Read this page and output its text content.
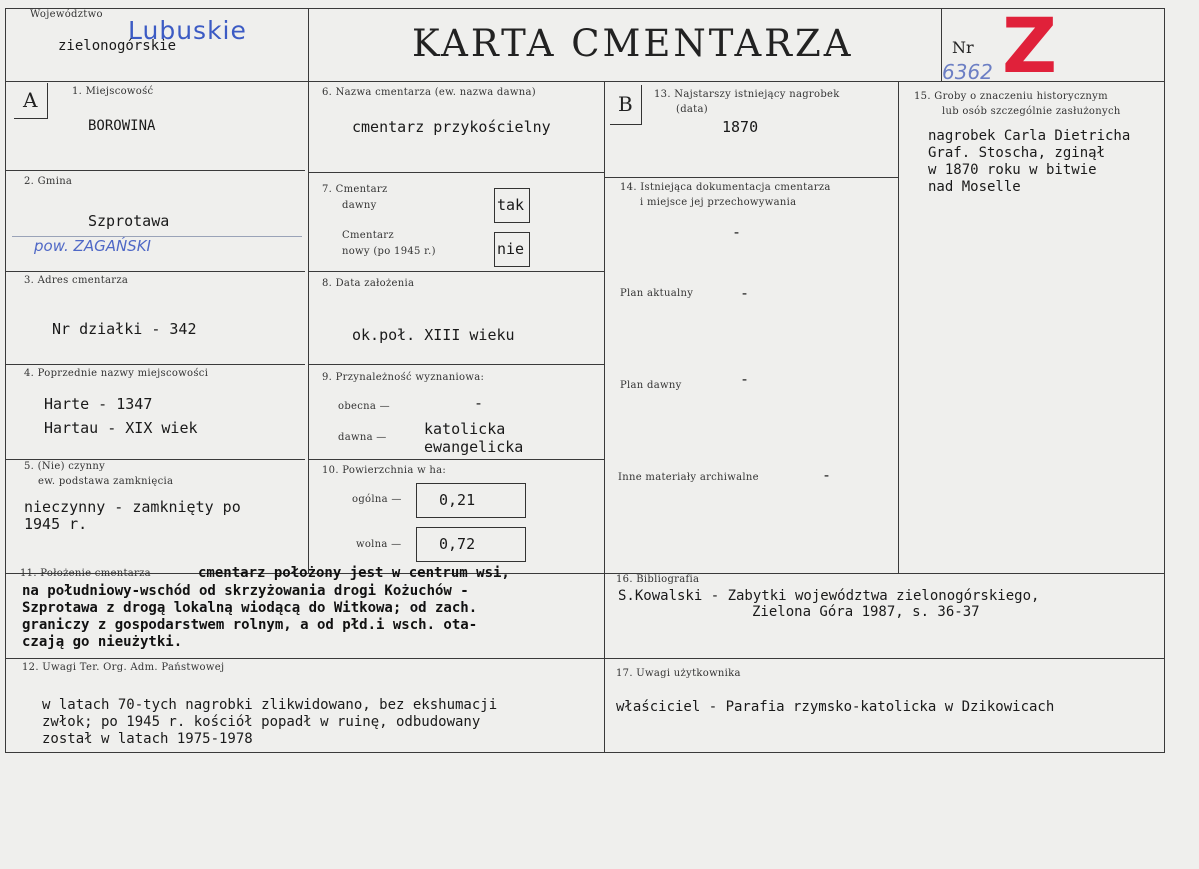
Województwo
Lubuskie
zielonogórskie	KARTA CMENTARZA	Nr Z
6362
A	B
1. Miejscowość
BOROWINA
2. Gmina
Szprotawa
pow. ZAGAŃSKI
3. Adres cmentarza
Nr działki - 342
4. Poprzednie nazwy miejscowości
Harte - 1347
Hartau - XIX wiek
5. (Nie) czynny
ew. podstawa zamknięcia
nieczynny - zamknięty po
1945 r.
6. Nazwa cmentarza (ew. nazwa dawna)
cmentarz przykościelny
7. Cmentarz
dawny	tak
Cmentarz
nowy (po 1945 r.)	nie
8. Data założenia
ok.poł. XIII wieku
9. Przynależność wyznaniowa:
obecna —	-
dawna — katolicka
ewangelicka
10. Powierzchnia w ha:
ogólna — 0,21
wolna —	0,72
13. Najstarszy istniejący nagrobek
(data)
1870
14. Istniejąca dokumentacja cmentarza
i miejsce jej przechowywania
-
Plan aktualny	-
Plan dawny	-
Inne materiały archiwalne	-
15. Groby o znaczeniu historycznym
lub osób szczególnie zasłużonych
nagrobek Carla Dietricha
Graf. Stoscha, zginął
w 1870 roku w bitwie
nad Moselle
11. Położenie cmentarza	cmentarz położony jest w centrum wsi,
na południowy-wschód od skrzyżowania drogi Kożuchów -
Szprotawa z drogą lokalną wiodącą do Witkowa; od zach.
graniczy z gospodarstwem rolnym, a od płd.i wsch. ota-
czają go nieużytki.
16. Bibliografia
S.Kowalski - Zabytki województwa zielonogórskiego,
Zielona Góra 1987, s. 36-37
12. Uwagi Ter. Org. Adm. Państwowej
w latach 70-tych nagrobki zlikwidowano, bez ekshumacji
zwłok; po 1945 r. kościół popadł w ruinę, odbudowany
został w latach 1975-1978
17. Uwagi użytkownika
właściciel - Parafia rzymsko-katolicka w Dzikowicach
